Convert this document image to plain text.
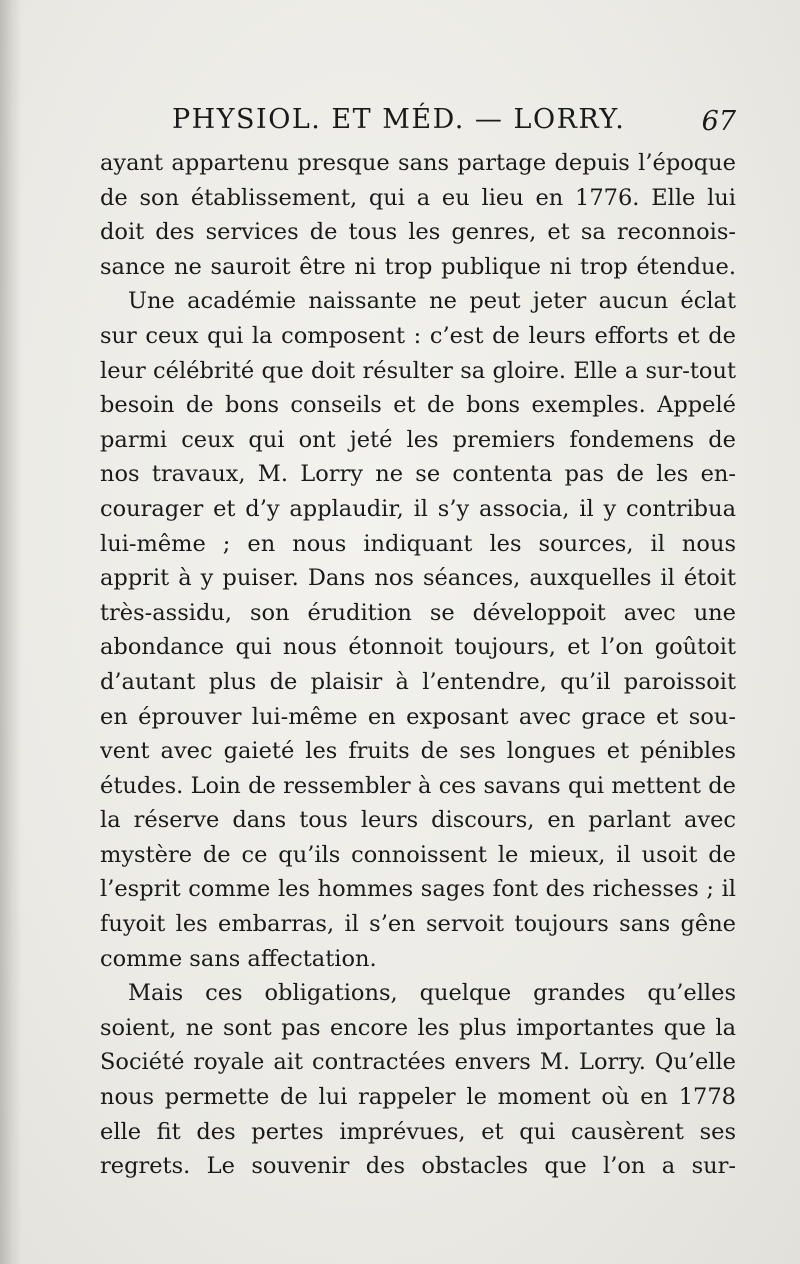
PHYSIOL. ET MÉD. — LORRY.	67
ayant appartenu presque sans partage depuis l’époque
de son établissement, qui a eu lieu en 1776. Elle lui
doit des services de tous les genres, et sa reconnois-
sance ne sauroit être ni trop publique ni trop étendue.
Une académie naissante ne peut jeter aucun éclat
sur ceux qui la composent : c’est de leurs efforts et de
leur célébrité que doit résulter sa gloire. Elle a sur-tout
besoin de bons conseils et de bons exemples. Appelé
parmi ceux qui ont jeté les premiers fondemens de
nos travaux, M. Lorry ne se contenta pas de les en-
courager et d’y applaudir, il s’y associa, il y contribua
lui-même ; en nous indiquant les sources, il nous
apprit à y puiser. Dans nos séances, auxquelles il étoit
très-assidu, son érudition se développoit avec une
abondance qui nous étonnoit toujours, et l’on goûtoit
d’autant plus de plaisir à l’entendre, qu’il paroissoit
en éprouver lui-même en exposant avec grace et sou-
vent avec gaieté les fruits de ses longues et pénibles
études. Loin de ressembler à ces savans qui mettent de
la réserve dans tous leurs discours, en parlant avec
mystère de ce qu’ils connoissent le mieux, il usoit de
l’esprit comme les hommes sages font des richesses ; il
fuyoit les embarras, il s’en servoit toujours sans gêne
comme sans affectation.
Mais ces obligations, quelque grandes qu’elles
soient, ne sont pas encore les plus importantes que la
Société royale ait contractées envers M. Lorry. Qu’elle
nous permette de lui rappeler le moment où en 1778
elle fit des pertes imprévues, et qui causèrent ses
regrets. Le souvenir des obstacles que l’on a sur-
